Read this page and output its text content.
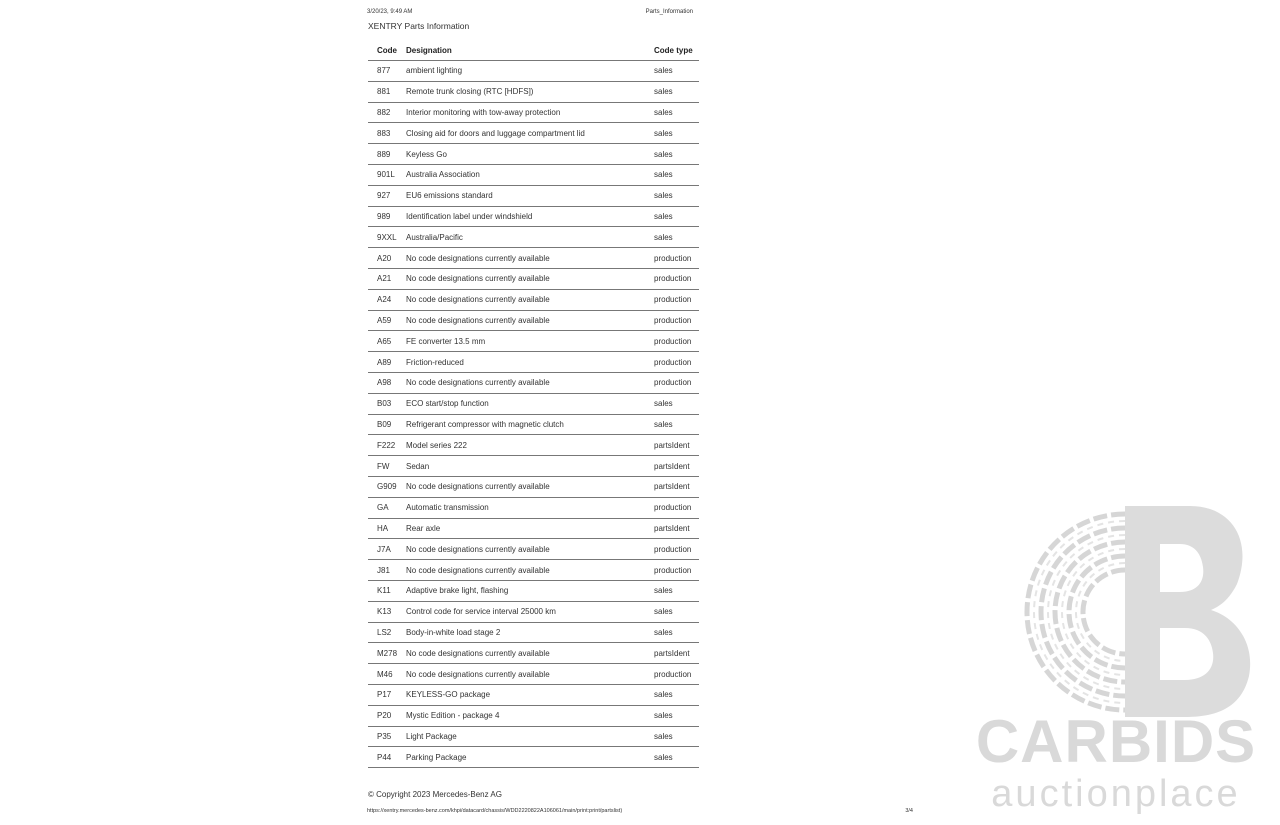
3/20/23, 9:49 AM	Parts_Information
XENTRY Parts Information
Code	Designation	Code type
877	ambient lighting	sales
881	Remote trunk closing (RTC [HDFS])	sales
882	Interior monitoring with tow-away protection	sales
883	Closing aid for doors and luggage compartment lid	sales
889	Keyless Go	sales
901L	Australia Association	sales
927	EU6 emissions standard	sales
989	Identification label under windshield	sales
9XXL	Australia/Pacific	sales
A20	No code designations currently available	production
A21	No code designations currently available	production
A24	No code designations currently available	production
A59	No code designations currently available	production
A65	FE converter 13.5 mm	production
A89	Friction-reduced	production
A98	No code designations currently available	production
B03	ECO start/stop function	sales
B09	Refrigerant compressor with magnetic clutch	sales
F222	Model series 222	partsIdent
FW	Sedan	partsIdent
G909	No code designations currently available	partsIdent
GA	Automatic transmission	production
HA	Rear axle	partsIdent
J7A	No code designations currently available	production
J81	No code designations currently available	production
K11	Adaptive brake light, flashing	sales
K13	Control code for service interval 25000 km	sales
LS2	Body-in-white load stage 2	sales
M278	No code designations currently available	partsIdent
M46	No code designations currently available	production
P17	KEYLESS-GO package	sales
P20	Mystic Edition - package 4	sales
P35	Light Package	sales
P44	Parking Package	sales
© Copyright 2023 Mercedes-Benz AG
https://xentry.mercedes-benz.com/khpi/datacard/chassis/WDD2220822A106061/main/print:print/partslist)	3/4
CARBIDS
auctionplace
